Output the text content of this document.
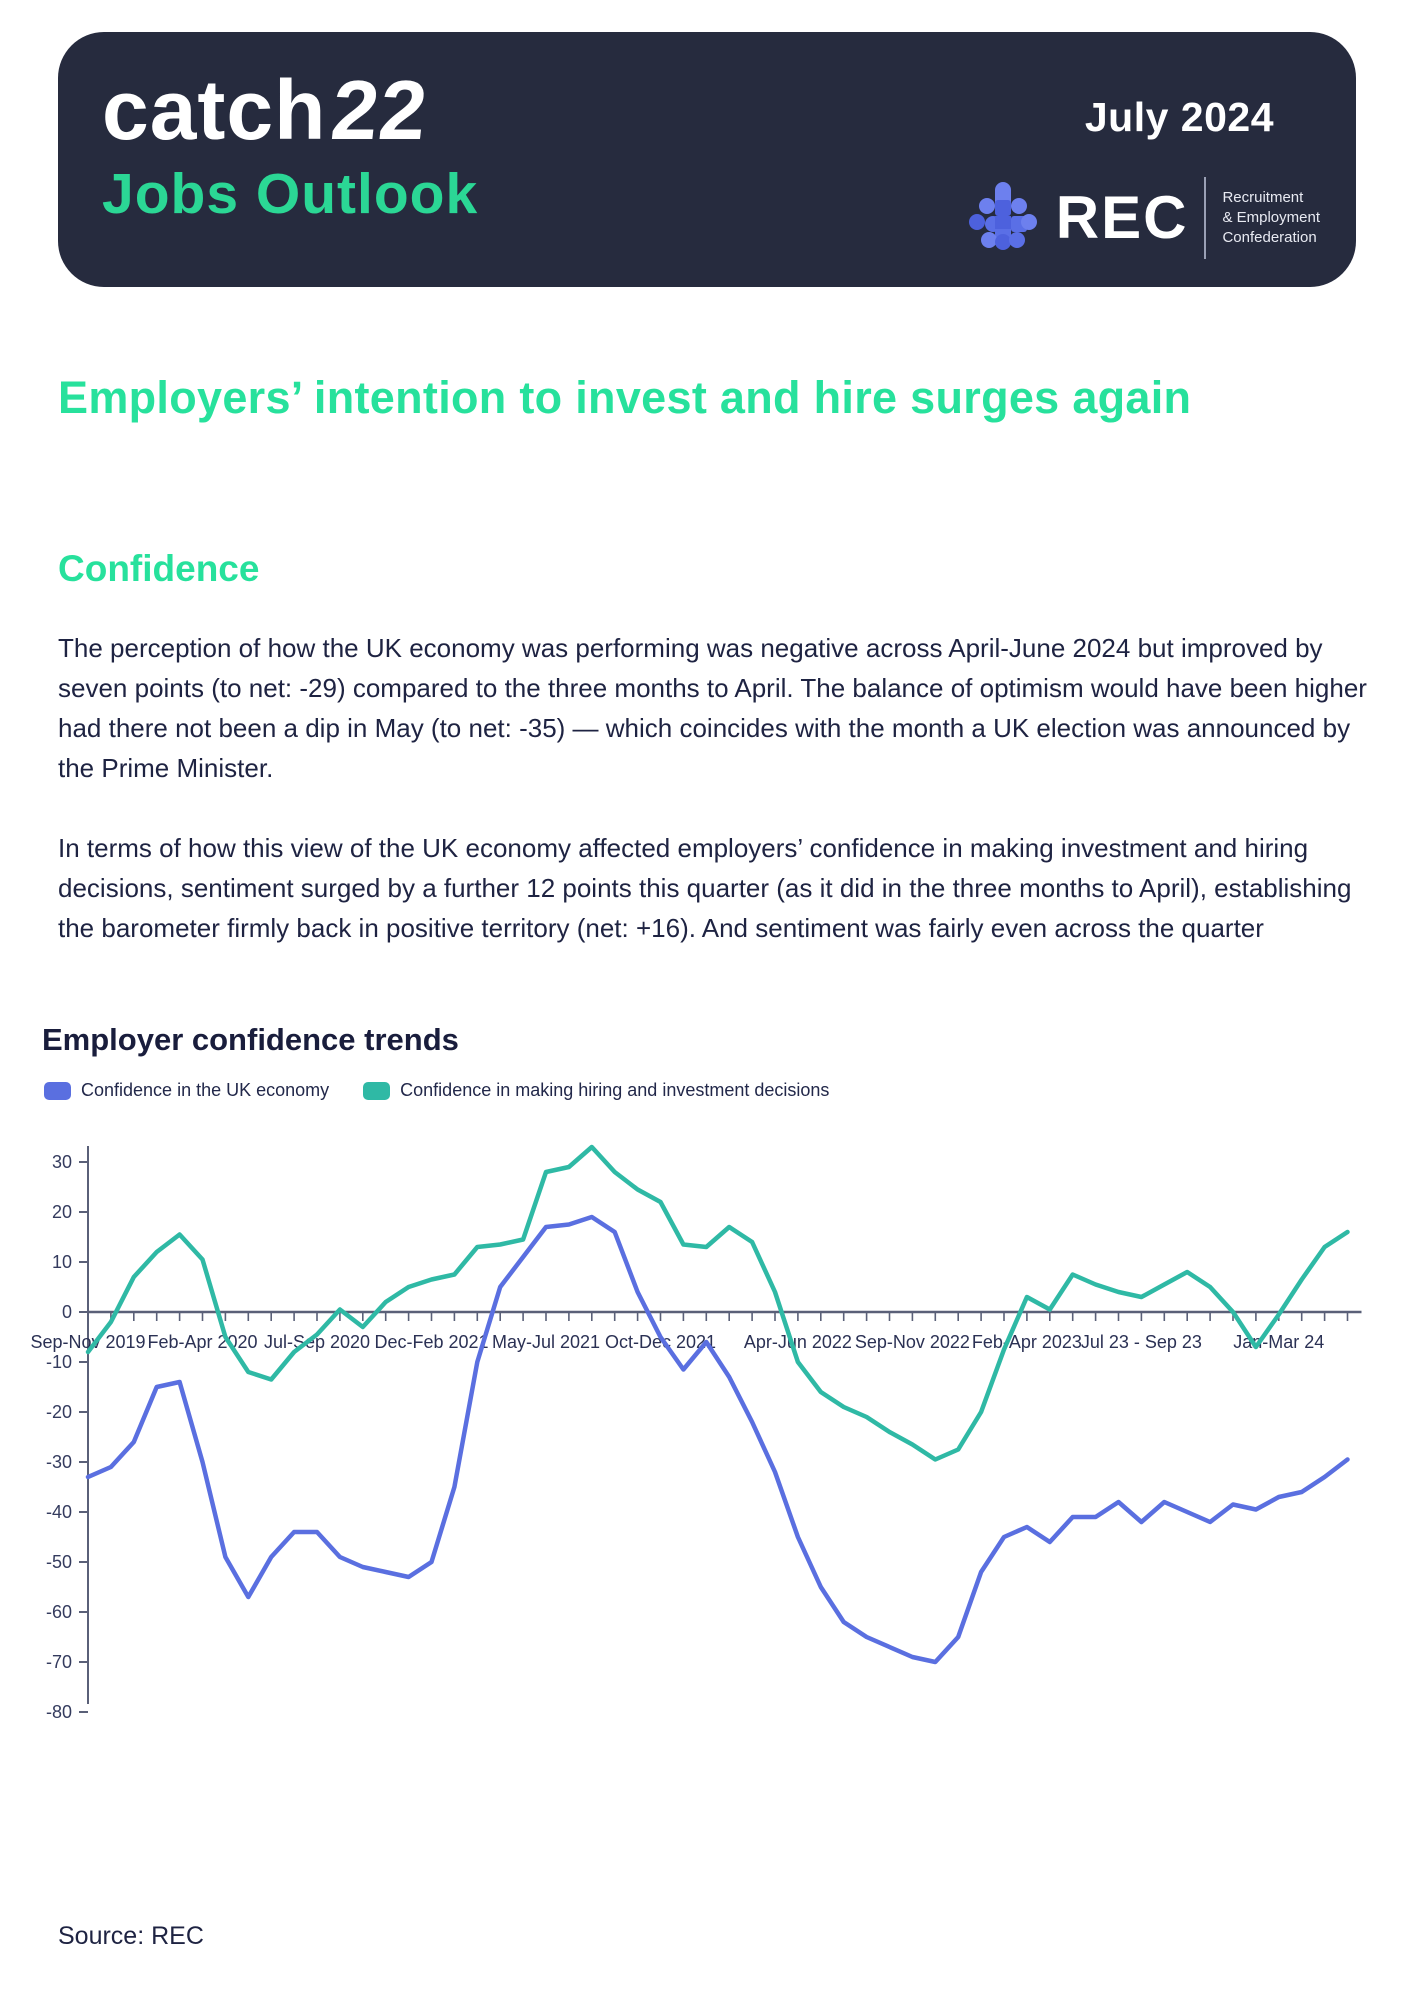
catch22
Jobs Outlook
July 2024
REC Recruitment
& Employment
Confederation
Employers’ intention to invest and hire surges again
Confidence
The perception of how the UK economy was performing was negative across April-June 2024 but improved by seven points (to net: -29) compared to the three months to April. The balance of optimism would have been higher had there not been a dip in May (to net: -35) — which coincides with the month a UK election was announced by the Prime Minister.
In terms of how this view of the UK economy affected employers’ confidence in making investment and hiring decisions, sentiment surged by a further 12 points this quarter (as it did in the three months to April), establishing the barometer firmly back in positive territory (net: +16). And sentiment was fairly even across the quarter
Employer confidence trends
Confidence in the UK economy	Confidence in making hiring and investment decisions
30
20
10
0
-10
-20
-30
-40
-50
-60
-70
-80
Sep-Nov 2019 Feb-Apr 2020 Jul-Sep 2020 Dec-Feb 2021 May-Jul 2021 Oct-Dec 2021 Apr-Jun 2022 Sep-Nov 2022 Feb-Apr 2023
Jul 23 - Sep 23 Jan-Mar 24
Source: REC
